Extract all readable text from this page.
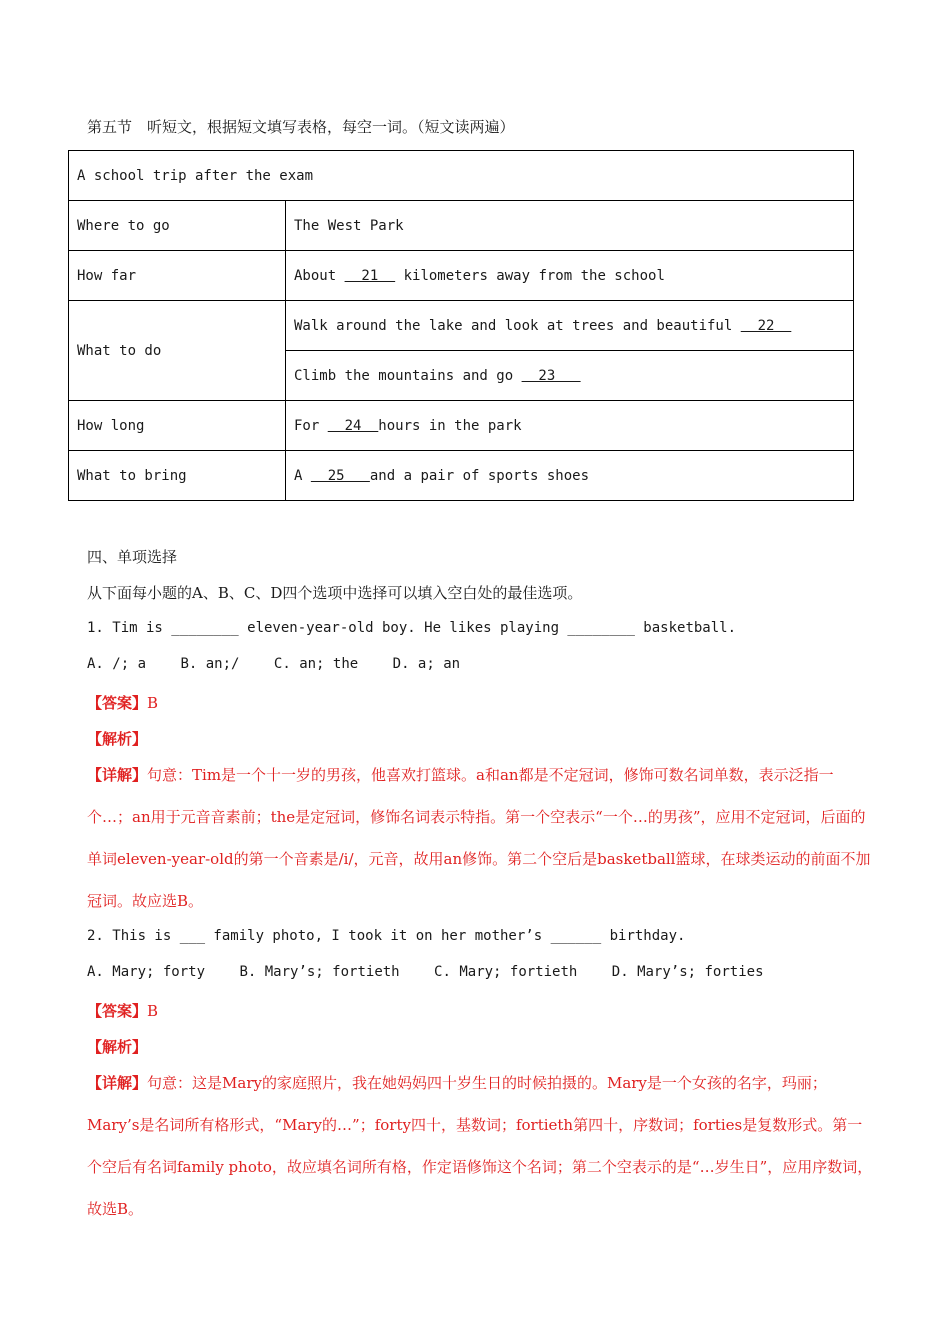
第五节　听短文，根据短文填写表格，每空一词。（短文读两遍）
A school trip after the exam	
Where to go	The West Park
How far	About   21   kilometers away from the school
What to do	Walk around the lake and look at trees and beautiful   22
	Climb the mountains and go   23
How long	For   24  hours in the park
What to bring	A   25   and a pair of sports shoes
四、单项选择
从下面每小题的A、B、C、D四个选项中选择可以填入空白处的最佳选项。
1. Tim is ________ eleven-year-old boy. He likes playing ________ basketball.
A. /; a B. an;/ C. an; the D. a; an
【答案】B
【解析】
【详解】句意：Tim是一个十一岁的男孩，他喜欢打篮球。a和an都是不定冠词，修饰可数名词单数，表示泛指一个…；an用于元音音素前；the是定冠词，修饰名词表示特指。第一个空表示“一个…的男孩”，应用不定冠词，后面的单词eleven-year-old的第一个音素是/i/，元音，故用an修饰。第二个空后是basketball篮球，在球类运动的前面不加冠词。故应选B。
2. This is ___ family photo, I took it on her mother’s ______ birthday.
A. Mary; forty B. Mary’s; fortieth C. Mary; fortieth D. Mary’s; forties
【答案】B
【解析】
【详解】句意：这是Mary的家庭照片，我在她妈妈四十岁生日的时候拍摄的。Mary是一个女孩的名字，玛丽；Mary’s是名词所有格形式，“Mary的…”；forty四十，基数词；fortieth第四十，序数词；forties是复数形式。第一个空后有名词family photo，故应填名词所有格，作定语修饰这个名词；第二个空表示的是“…岁生日”，应用序数词，故选B。
